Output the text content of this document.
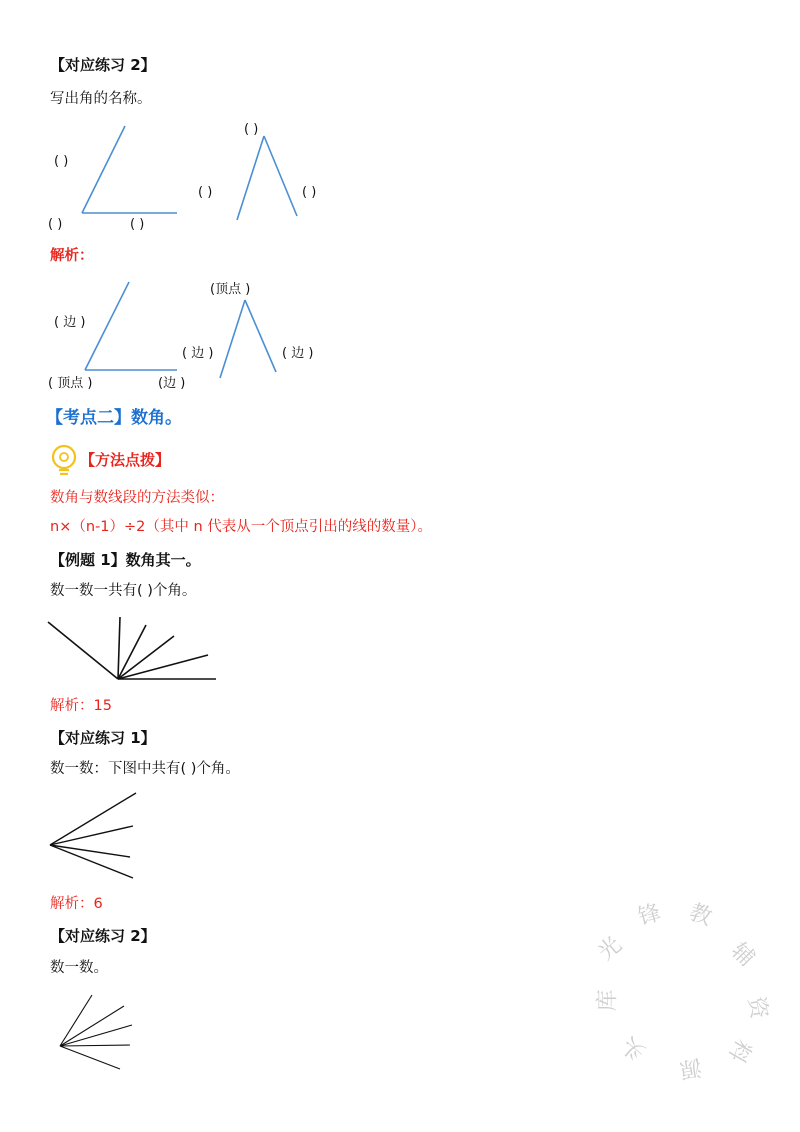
【对应练习 2】
写出角的名称。
( )
( )	( )
( )
( )	( )
解析：
( 边 )
( 顶点 )	(边 )
(顶点 )
( 边 )	( 边 )
【考点二】数角。
【方法点拨】
数角与数线段的方法类似：
n×（n-1）÷2（其中 n 代表从一个顶点引出的线的数量）。
【例题 1】数角其一。
数一数一共有( )个角。
解析：15
【对应练习 1】
数一数：下图中共有( )个角。
解析：6
【对应练习 2】
数一数。
教
辅
资
料
源
头
库
光
锋
